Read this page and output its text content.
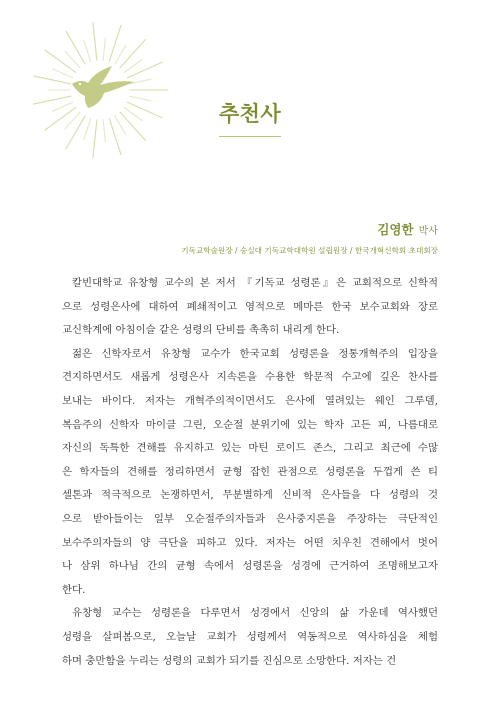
추천사
김영한 박사
기독교학술원장 / 숭실대 기독교학대학원 설립원장 / 한국개혁신학회 초대회장

칼빈대학교 유창형 교수의 본 저서 『기독교 성령론』은 교회적으로 신학적
으로 성령은사에 대하여 폐쇄적이고 영적으로 메마른 한국 보수교회와 장로
교신학계에 아침이슬 같은 성령의 단비를 촉촉히 내리게 한다.

젊은 신학자로서 유창형 교수가 한국교회 성령론을 정통개혁주의 입장을
견지하면서도 새롭게 성령은사 지속론을 수용한 학문적 수고에 깊은 찬사를
보내는 바이다. 저자는 개혁주의적이면서도 은사에 열려있는 웨인 그루뎀,
복음주의 신학자 마이클 그린, 오순절 분위기에 있는 학자 고든 피, 나름대로
자신의 독특한 견해를 유지하고 있는 마틴 로이드 존스, 그리고 최근에 수많
은 학자들의 견해를 정리하면서 균형 잡힌 관점으로 성령론을 두껍게 쓴 티
셀톤과 적극적으로 논쟁하면서, 무분별하게 신비적 은사들을 다 성령의 것
으로 받아들이는 일부 오순절주의자들과 은사중지론을 주장하는 극단적인
보수주의자들의 양 극단을 피하고 있다. 저자는 어떤 치우친 견해에서 벗어
나 삼위 하나님 간의 균형 속에서 성령론을 성경에 근거하여 조명해보고자
한다.

유창형 교수는 성령론을 다루면서 성경에서 신앙의 삶 가운데 역사했던
성령을 살펴봄으로, 오늘날 교회가 성령께서 역동적으로 역사하심을 체험
하며 충만함을 누리는 성령의 교회가 되기를 진심으로 소망한다. 저자는 건
